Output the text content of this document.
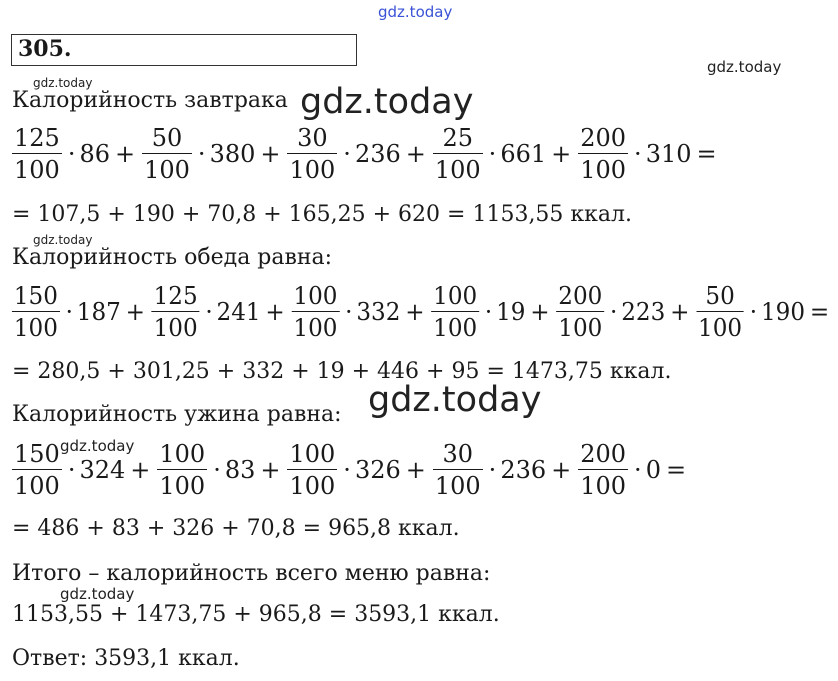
gdz.today
gdz.today
gdz.today	gdz.today
gdz.today
gdz.today
gdz.today
gdz.today
305.
Калорийность завтрака
$\frac{125}{100} \cdot 86 + \frac{50}{100} \cdot 380 + \frac{30}{100} \cdot 236 + \frac{25}{100} \cdot 661 + \frac{200}{100} \cdot 310$ =
= 107,5 + 190 + 70,8 + 165,25 + 620 = 1153,55 ккал.
Калорийность обеда равна:
$\frac{150}{100} \cdot 187 + \frac{125}{100} \cdot 241 + \frac{100}{100} \cdot 332 + \frac{100}{100} \cdot 19 + \frac{200}{100} \cdot 223 + \frac{50}{100} \cdot 190$ =
= 280,5 + 301,25 + 332 + 19 + 446 + 95 = 1473,75 ккал.
Калорийность ужина равна:
$\frac{150}{100} \cdot 324 + \frac{100}{100} \cdot 83 + \frac{100}{100} \cdot 326 + \frac{30}{100} \cdot 236 + \frac{200}{100} \cdot 0$ =
= 486 + 83 + 326 + 70,8 = 965,8 ккал.
Итого – калорийность всего меню равна:
1153,55 + 1473,75 + 965,8 = 3593,1 ккал.
Ответ: 3593,1 ккал.
